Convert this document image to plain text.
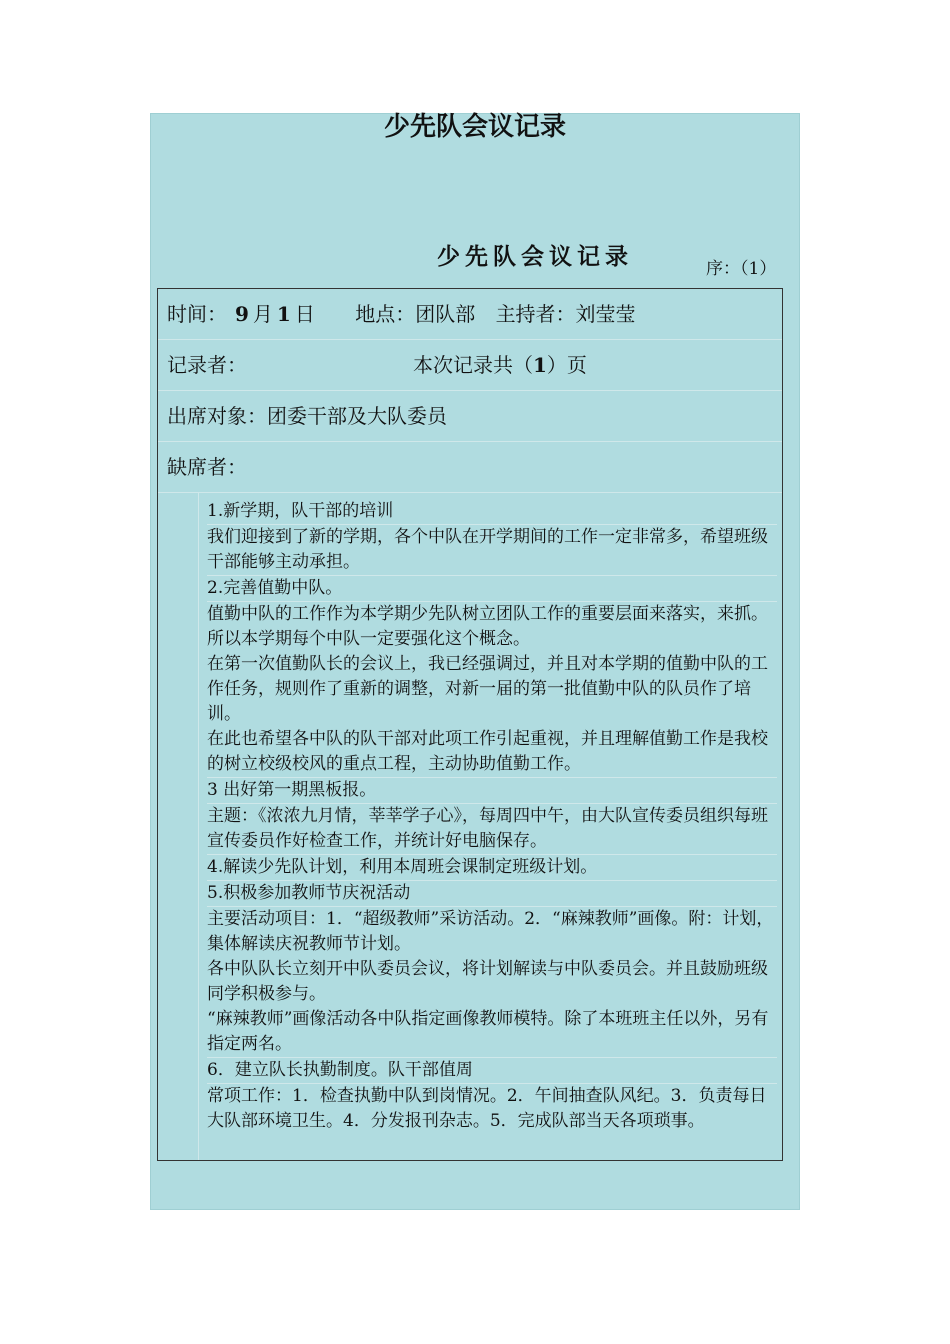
少先队会议记录
少先队会议记录	序：（1）
时间： 9 月 1 日 地点：团队部 主持者：刘莹莹
记录者：	本次记录共（1）页
出席对象：团委干部及大队委员
缺席者：
1.新学期，队干部的培训
我们迎接到了新的学期，各个中队在开学期间的工作一定非常多，希望班级干部能够主动承担。
2.完善值勤中队。
值勤中队的工作作为本学期少先队树立团队工作的重要层面来落实，来抓。所以本学期每个中队一定要强化这个概念。
在第一次值勤队长的会议上，我已经强调过，并且对本学期的值勤中队的工作任务，规则作了重新的调整，对新一届的第一批值勤中队的队员作了培训。
在此也希望各中队的队干部对此项工作引起重视，并且理解值勤工作是我校的树立校级校风的重点工程，主动协助值勤工作。
3 出好第一期黑板报。
主题：《浓浓九月情，莘莘学子心》，每周四中午，由大队宣传委员组织每班宣传委员作好检查工作，并统计好电脑保存。
4.解读少先队计划，利用本周班会课制定班级计划。
5.积极参加教师节庆祝活动
主要活动项目：1．“超级教师”采访活动。2．“麻辣教师”画像。附：计划，集体解读庆祝教师节计划。
各中队队长立刻开中队委员会议，将计划解读与中队委员会。并且鼓励班级同学积极参与。
“麻辣教师”画像活动各中队指定画像教师模特。除了本班班主任以外，另有指定两名。
6．建立队长执勤制度。队干部值周
常项工作：1．检查执勤中队到岗情况。2．午间抽查队风纪。3．负责每日大队部环境卫生。4．分发报刊杂志。5．完成队部当天各项琐事。
